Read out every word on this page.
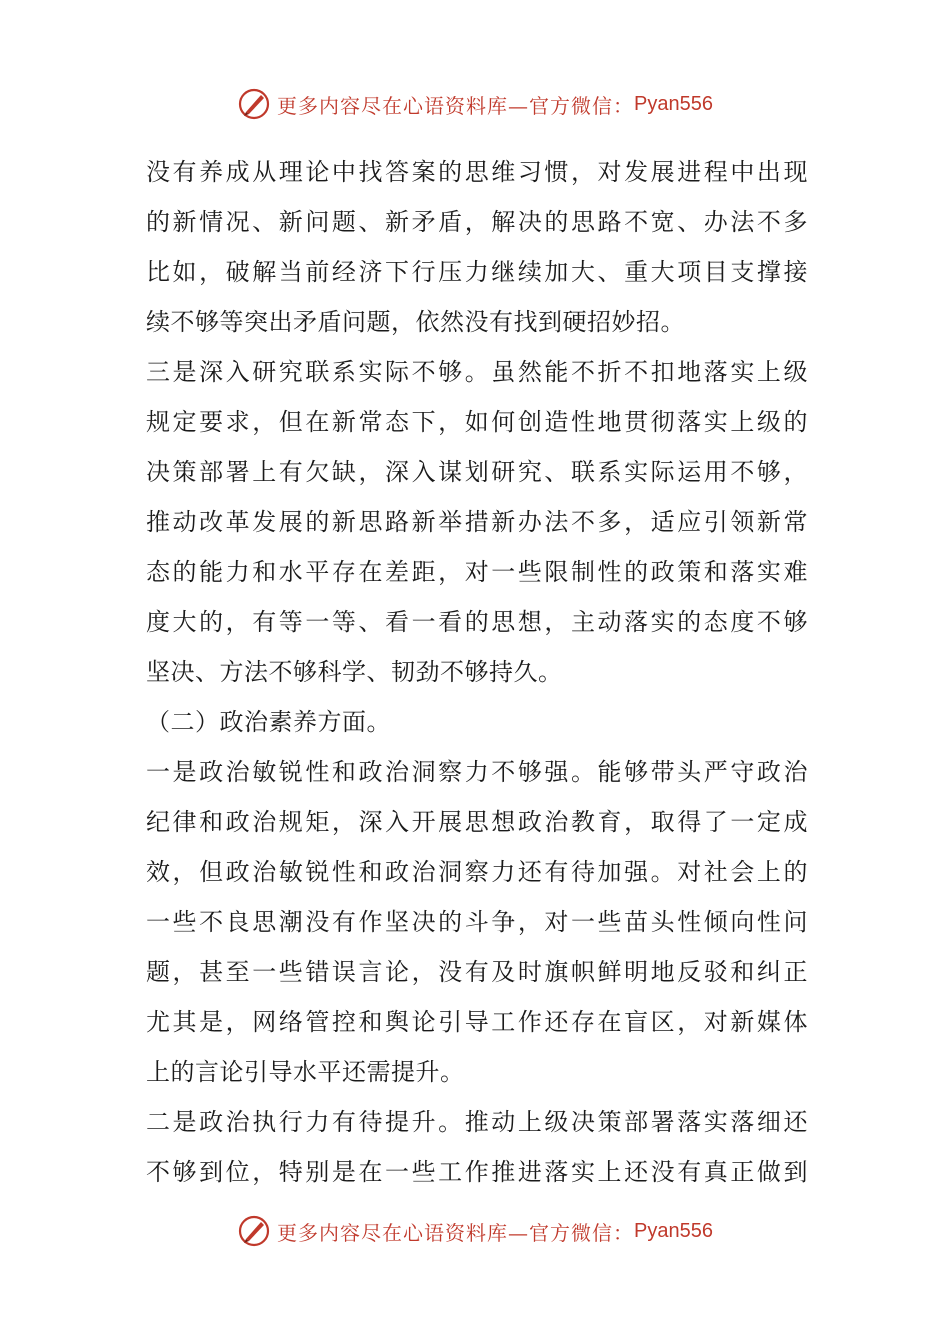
更多内容尽在心语资料库—官方微信： Pyan556
没有养成从理论中找答案的思维习惯，对发展进程中出现
的新情况、新问题、新矛盾，解决的思路不宽、办法不多
比如，破解当前经济下行压力继续加大、重大项目支撑接
续不够等突出矛盾问题，依然没有找到硬招妙招。
三是深入研究联系实际不够。虽然能不折不扣地落实上级
规定要求，但在新常态下，如何创造性地贯彻落实上级的
决策部署上有欠缺，深入谋划研究、联系实际运用不够，
推动改革发展的新思路新举措新办法不多，适应引领新常
态的能力和水平存在差距，对一些限制性的政策和落实难
度大的，有等一等、看一看的思想，主动落实的态度不够
坚决、方法不够科学、韧劲不够持久。
（二）政治素养方面。
一是政治敏锐性和政治洞察力不够强。能够带头严守政治
纪律和政治规矩，深入开展思想政治教育，取得了一定成
效，但政治敏锐性和政治洞察力还有待加强。对社会上的
一些不良思潮没有作坚决的斗争，对一些苗头性倾向性问
题，甚至一些错误言论，没有及时旗帜鲜明地反驳和纠正
尤其是，网络管控和舆论引导工作还存在盲区，对新媒体
上的言论引导水平还需提升。
二是政治执行力有待提升。推动上级决策部署落实落细还
不够到位，特别是在一些工作推进落实上还没有真正做到
更多内容尽在心语资料库—官方微信： Pyan556
